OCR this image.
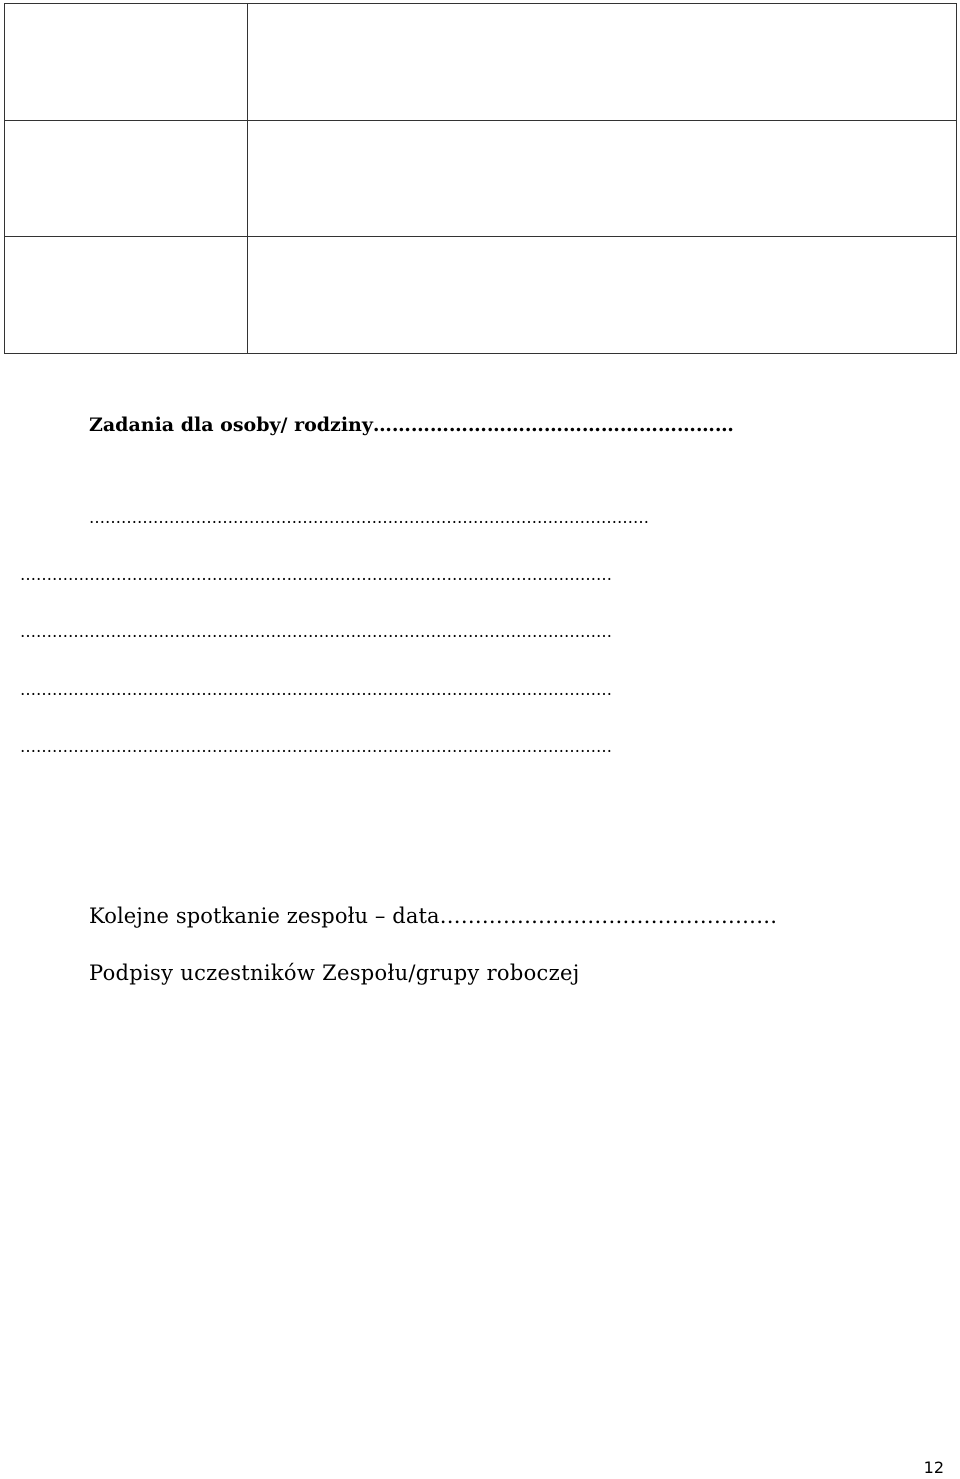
Zadania dla osoby/ rodziny…………………………………………………

……………………………………………………………………………………………
…………………………………………………………………………………………………
…………………………………………………………………………………………………
…………………………………………………………………………………………………
…………………………………………………………………………………………………
Kolejne spotkanie zespołu – data…………………………………………
Podpisy uczestników Zespołu/grupy roboczej
12
